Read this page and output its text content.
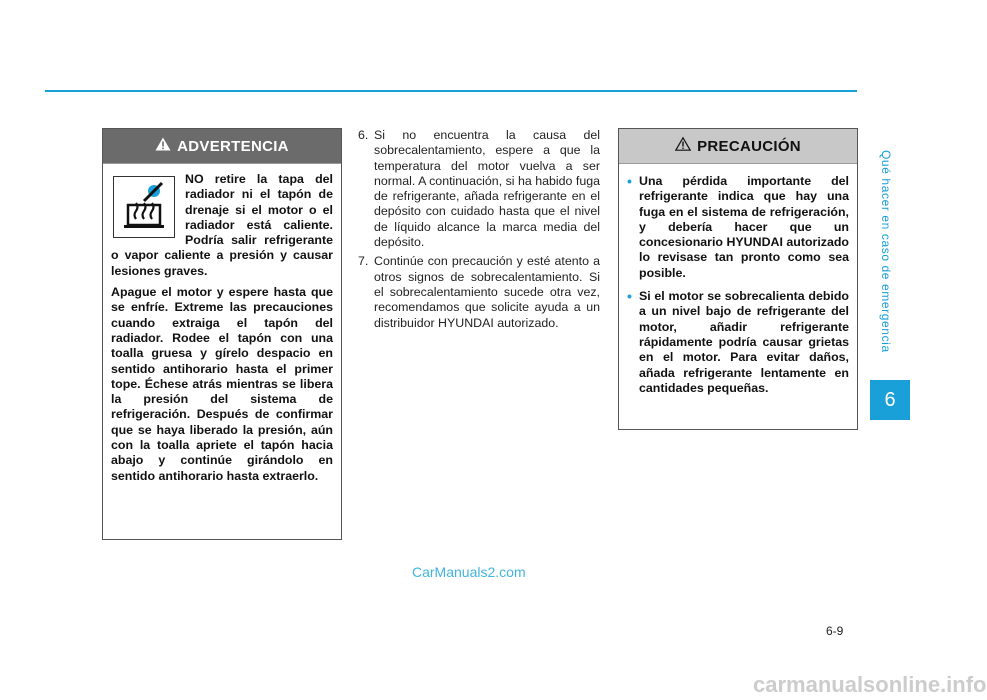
Qué hacer en caso de emergencia
6
ADVERTENCIA

NO retire la tapa del radiador ni el tapón de drenaje si el motor o el radiador está caliente. Podría salir refrigerante o vapor caliente a presión y causar lesiones graves.

Apague el motor y espere hasta que se enfríe. Extreme las precauciones cuando extraiga el tapón del radiador. Rodee el tapón con una toalla gruesa y gírelo despacio en sentido antihorario hasta el primer tope. Échese atrás mientras se libera la presión del sistema de refrigeración. Después de confirmar que se haya liberado la presión, aún con la toalla apriete el tapón hacia abajo y continúe girándolo en sentido antihorario hasta extraerlo.

6. Si no encuentra la causa del sobrecalentamiento, espere a que la temperatura del motor vuelva a ser normal. A continuación, si ha habido fuga de refrigerante, añada refrigerante en el depósito con cuidado hasta que el nivel de líquido alcance la marca media del depósito.
7. Continúe con precaución y esté atento a otros signos de sobrecalentamiento. Si el sobrecalentamiento sucede otra vez, recomendamos que solicite ayuda a un distribuidor HYUNDAI autorizado.
PRECAUCIÓN
• Una pérdida importante del refrigerante indica que hay una fuga en el sistema de refrigeración, y debería hacer que un concesionario HYUNDAI autorizado lo revisase tan pronto como sea posible.
• Si el motor se sobrecalienta debido a un nivel bajo de refrigerante del motor, añadir refrigerante rápidamente podría causar grietas en el motor. Para evitar daños, añada refrigerante lentamente en cantidades pequeñas.
6-9
CarManuals2.com
carmanualsonline.info
